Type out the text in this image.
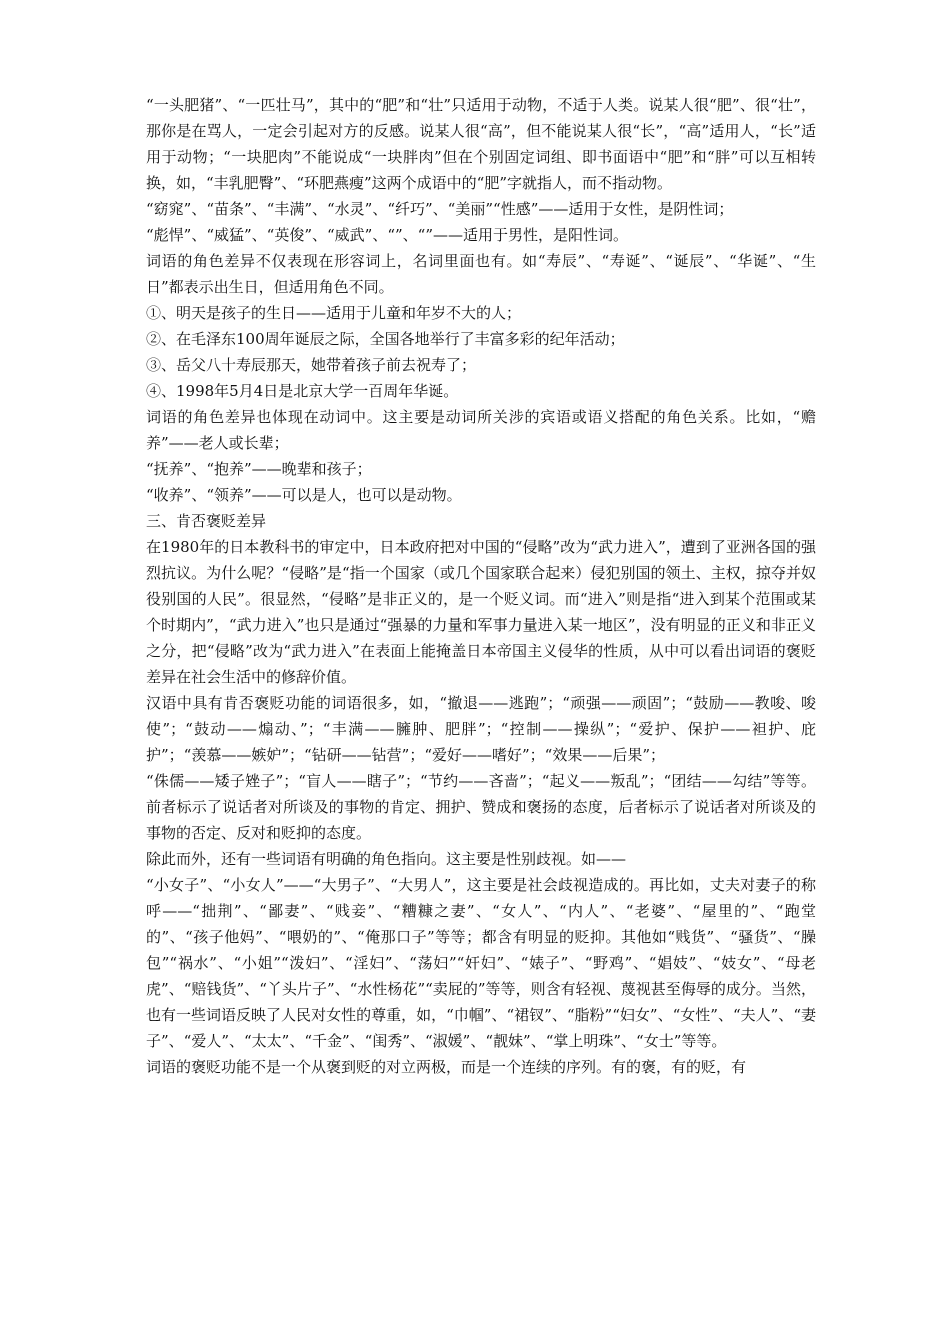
“一头肥猪”、“一匹壮马”，其中的“肥”和“壮”只适用于动物，不适于人类。说某人很“肥”、很“壮”，那你是在骂人，一定会引起对方的反感。说某人很“高”，但不能说某人很“长”，“高”适用人，“长”适用于动物；“一块肥肉”不能说成“一块胖肉”但在个别固定词组、即书面语中“肥”和“胖”可以互相转换，如，“丰乳肥臀”、“环肥燕瘦”这两个成语中的“肥”字就指人，而不指动物。

“窈窕”、“苗条”、“丰满”、“水灵”、“纤巧”、“美丽”“性感”——适用于女性，是阴性词；

“彪悍”、“威猛”、“英俊”、“威武”、“”、“”——适用于男性，是阳性词。

词语的角色差异不仅表现在形容词上，名词里面也有。如“寿辰”、“寿诞”、“诞辰”、“华诞”、“生日”都表示出生日，但适用角色不同。

①、明天是孩子的生日——适用于儿童和年岁不大的人；

②、在毛泽东100周年诞辰之际，全国各地举行了丰富多彩的纪年活动；

③、岳父八十寿辰那天，她带着孩子前去祝寿了；

④、1998年5月4日是北京大学一百周年华诞。

词语的角色差异也体现在动词中。这主要是动词所关涉的宾语或语义搭配的角色关系。比如，“赡养”——老人或长辈；

“抚养”、“抱养”——晚辈和孩子；

“收养”、“领养”——可以是人，也可以是动物。

三、肯否褒贬差异

在1980年的日本教科书的审定中，日本政府把对中国的“侵略”改为“武力进入”，遭到了亚洲各国的强烈抗议。为什么呢？“侵略”是“指一个国家（或几个国家联合起来）侵犯别国的领土、主权，掠夺并奴役别国的人民”。很显然，“侵略”是非正义的，是一个贬义词。而“进入”则是指“进入到某个范围或某个时期内”，“武力进入”也只是通过“强暴的力量和军事力量进入某一地区”，没有明显的正义和非正义之分，把“侵略”改为“武力进入”在表面上能掩盖日本帝国主义侵华的性质，从中可以看出词语的褒贬差异在社会生活中的修辞价值。

汉语中具有肯否褒贬功能的词语很多，如，“撤退——逃跑”；“顽强——顽固”；“鼓励——教唆、唆使”；“鼓动——煽动、”；“丰满——臃肿、肥胖”；“控制——操纵”；“爱护、保护——袒护、庇护”；“羡慕——嫉妒”；“钻研——钻营”；“爱好——嗜好”；“效果——后果”；

“侏儒——矮子矬子”；“盲人——瞎子”；“节约——吝啬”；“起义——叛乱”；“团结——勾结”等等。前者标示了说话者对所谈及的事物的肯定、拥护、赞成和褒扬的态度，后者标示了说话者对所谈及的事物的否定、反对和贬抑的态度。

除此而外，还有一些词语有明确的角色指向。这主要是性别歧视。如——

“小女子”、“小女人”——“大男子”、“大男人”，这主要是社会歧视造成的。再比如，丈夫对妻子的称呼——“拙荆”、“鄙妻”、“贱妾”、“糟糠之妻”、“女人”、“内人”、“老婆”、“屋里的”、“跑堂的”、“孩子他妈”、“喂奶的”、“俺那口子”等等；都含有明显的贬抑。其他如“贱货”、“骚货”、“臊包”“祸水”、“小姐”“泼妇”、“淫妇”、“荡妇”“奸妇”、“婊子”、“野鸡”、“娼妓”、“妓女”、“母老虎”、“赔钱货”、“丫头片子”、“水性杨花”“卖屁的”等等，则含有轻视、蔑视甚至侮辱的成分。当然，也有一些词语反映了人民对女性的尊重，如，“巾帼”、“裙钗”、“脂粉”“妇女”、“女性”、“夫人”、“妻子”、“爱人”、“太太”、“千金”、“闺秀”、“淑媛”、“靓妹”、“掌上明珠”、“女士”等等。

词语的褒贬功能不是一个从褒到贬的对立两极，而是一个连续的序列。有的褒，有的贬，有
